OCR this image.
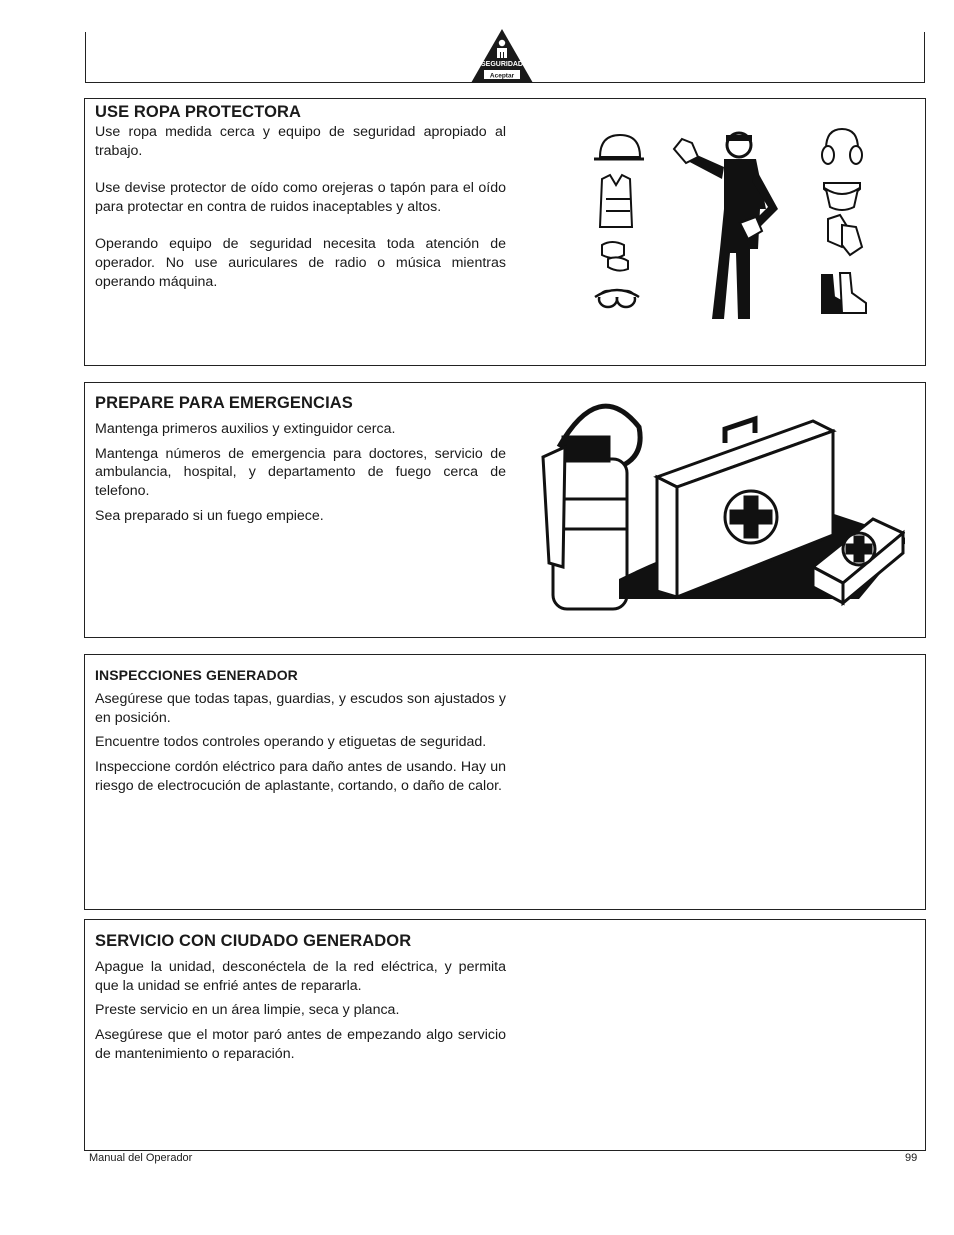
SEGURIDAD
Aceptar
USE ROPA PROTECTORA

Use ropa medida cerca y equipo de seguridad apropiado al trabajo.

Use devise protector de oído como orejeras o tapón para el oído para protectar en contra de ruidos inaceptables y altos.

Operando equipo de seguridad necesita toda atención de operador. No use auriculares de radio o música mientras operando máquina.

PREPARE PARA EMERGENCIAS

Mantenga primeros auxilios y extinguidor cerca.

Mantenga números de emergencia para doctores, servicio de ambulancia, hospital, y departamento de fuego cerca de telefono.

Sea preparado si un fuego empiece.

INSPECCIONES GENERADOR

Asegúrese que todas tapas, guardias, y escudos son ajustados y en posición.

Encuentre todos controles operando y etiguetas de seguridad.

Inspeccione cordón eléctrico para daño antes de usando. Hay un riesgo de electrocución de aplastante, cortando, o daño de calor.

SERVICIO CON CIUDADO GENERADOR

Apague la unidad, desconéctela de la red eléctrica, y permita que la unidad se enfrié antes de repararla.

Preste servicio en un área limpie, seca y planca.

Asegúrese que el motor paró antes de empezando algo servicio de mantenimiento o reparación.

Manual del Operador	99
